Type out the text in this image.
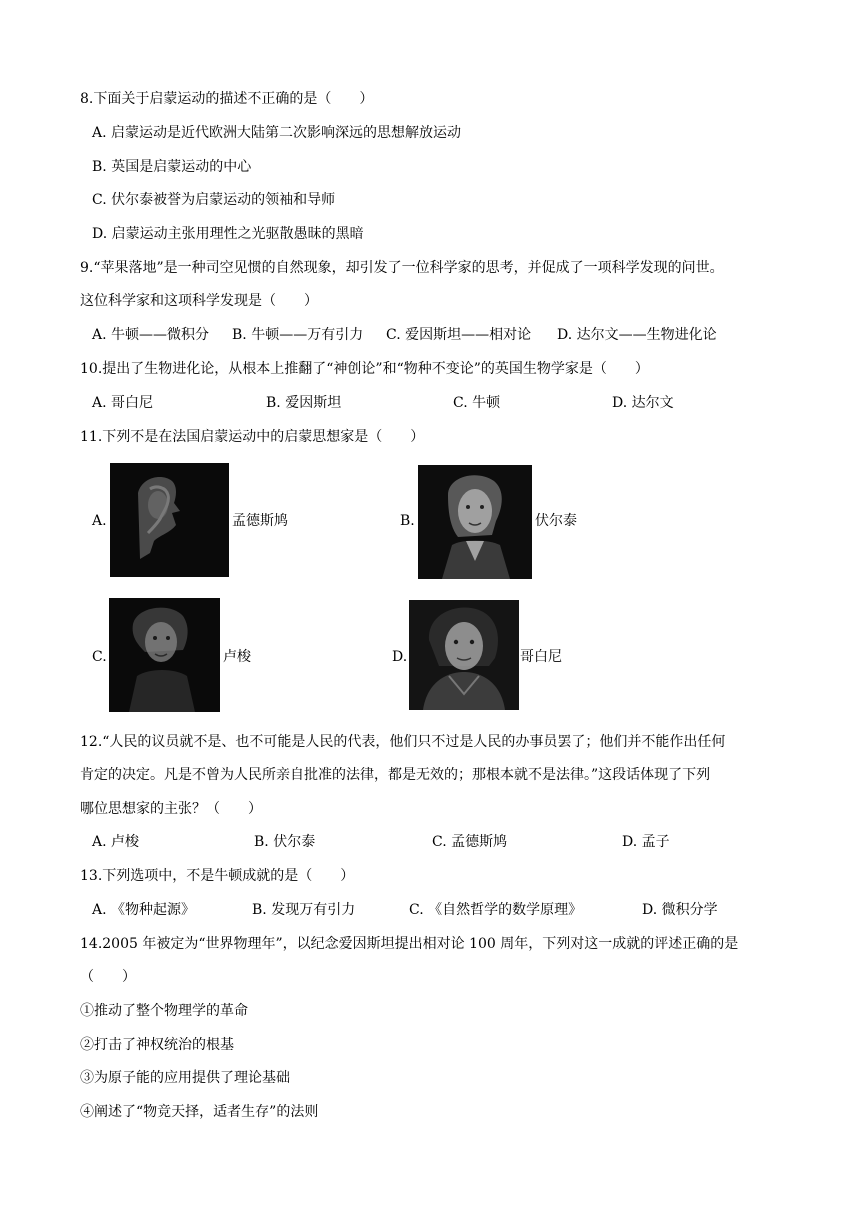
8.下面关于启蒙运动的描述不正确的是（　　）
A. 启蒙运动是近代欧洲大陆第二次影响深远的思想解放运动
B. 英国是启蒙运动的中心
C. 伏尔泰被誉为启蒙运动的领袖和导师
D. 启蒙运动主张用理性之光驱散愚昧的黑暗
9.“苹果落地”是一种司空见惯的自然现象，却引发了一位科学家的思考，并促成了一项科学发现的问世。
这位科学家和这项科学发现是（　　）
A. 牛顿——微积分 B. 牛顿——万有引力 C. 爱因斯坦——相对论 D. 达尔文——生物进化论
10.提出了生物进化论，从根本上推翻了“神创论”和“物种不变论”的英国生物学家是（　　）
A. 哥白尼	B. 爱因斯坦	C. 牛顿	D. 达尔文
11.下列不是在法国启蒙运动中的启蒙思想家是（　　）
A.	孟德斯鸠	B.	伏尔泰
C.	卢梭	D.	哥白尼
12.“人民的议员就不是、也不可能是人民的代表，他们只不过是人民的办事员罢了；他们并不能作出任何
肯定的决定。凡是不曾为人民所亲自批准的法律，都是无效的；那根本就不是法律。”这段话体现了下列
哪位思想家的主张？（　　）
A. 卢梭	B. 伏尔泰	C. 孟德斯鸠	D. 孟子
13.下列选项中，不是牛顿成就的是（　　）
A. 《物种起源》	B. 发现万有引力	C. 《自然哲学的数学原理》	D. 微积分学
14.2005 年被定为“世界物理年”，以纪念爱因斯坦提出相对论 100 周年，下列对这一成就的评述正确的是
（　　）
①推动了整个物理学的革命
②打击了神权统治的根基
③为原子能的应用提供了理论基础
④阐述了“物竞天择，适者生存”的法则
